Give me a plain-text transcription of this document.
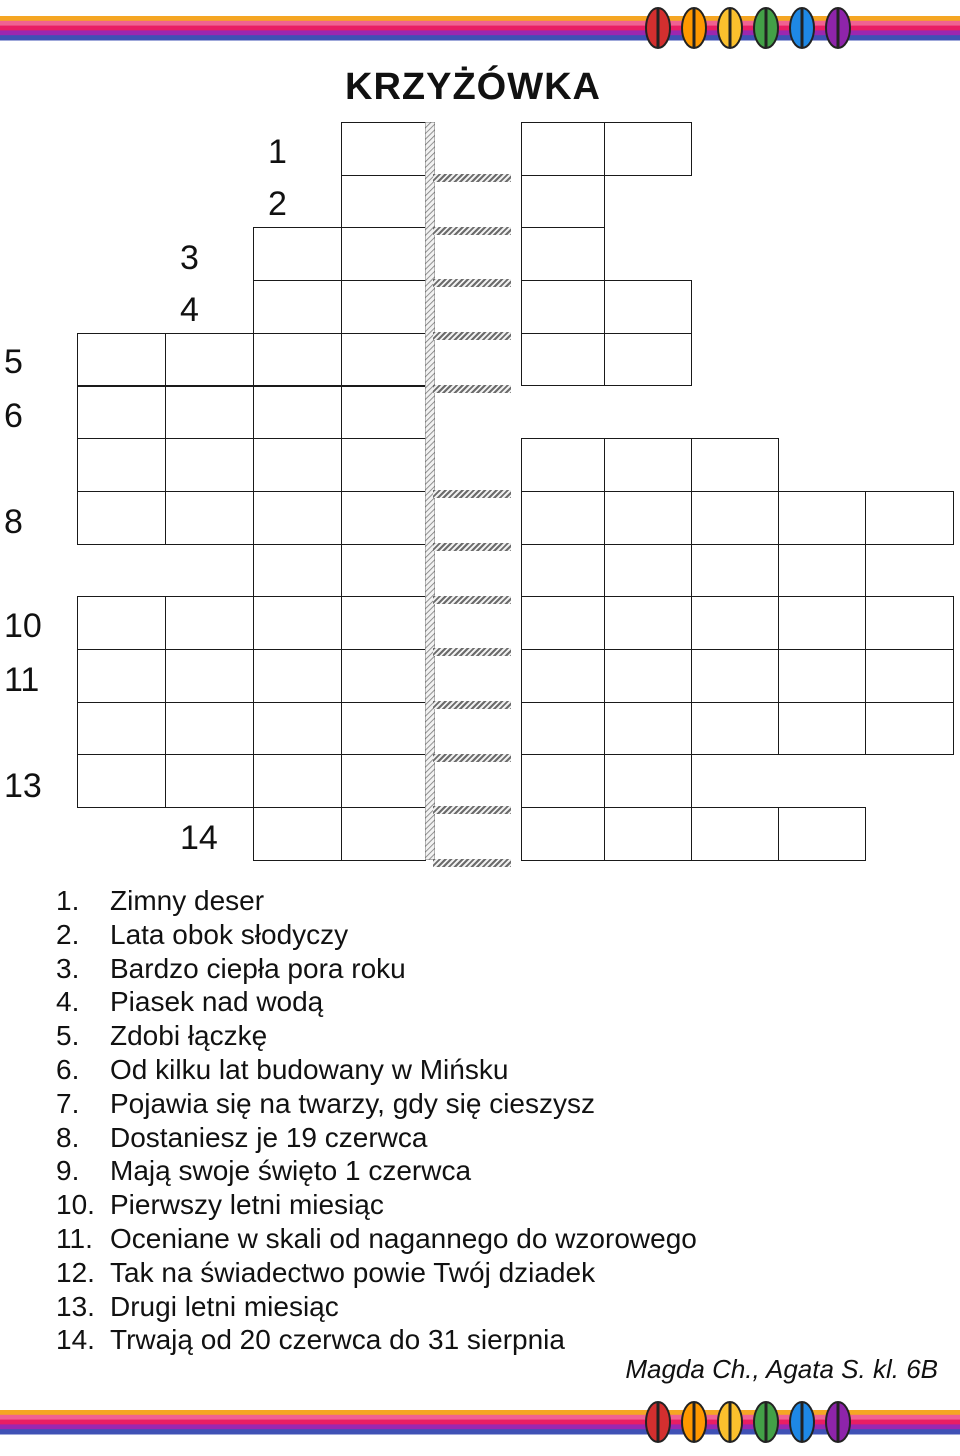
KRZYŻÓWKA
1
2
3
4
5
6
8
10
11
13
14
1.	Zimny deser
2.	Lata obok słodyczy
3.	Bardzo ciepła pora roku
4.	Piasek nad wodą
5.	Zdobi łączkę
6.	Od kilku lat budowany w Mińsku
7.	Pojawia się na twarzy, gdy się cieszysz
8.	Dostaniesz je 19 czerwca
9.	Mają swoje święto 1 czerwca
10. Pierwszy letni miesiąc
11. Oceniane w skali od nagannego do wzorowego
12. Tak na świadectwo powie Twój dziadek
13. Drugi letni miesiąc
14. Trwają od 20 czerwca do 31 sierpnia
Magda Ch., Agata S. kl. 6B
